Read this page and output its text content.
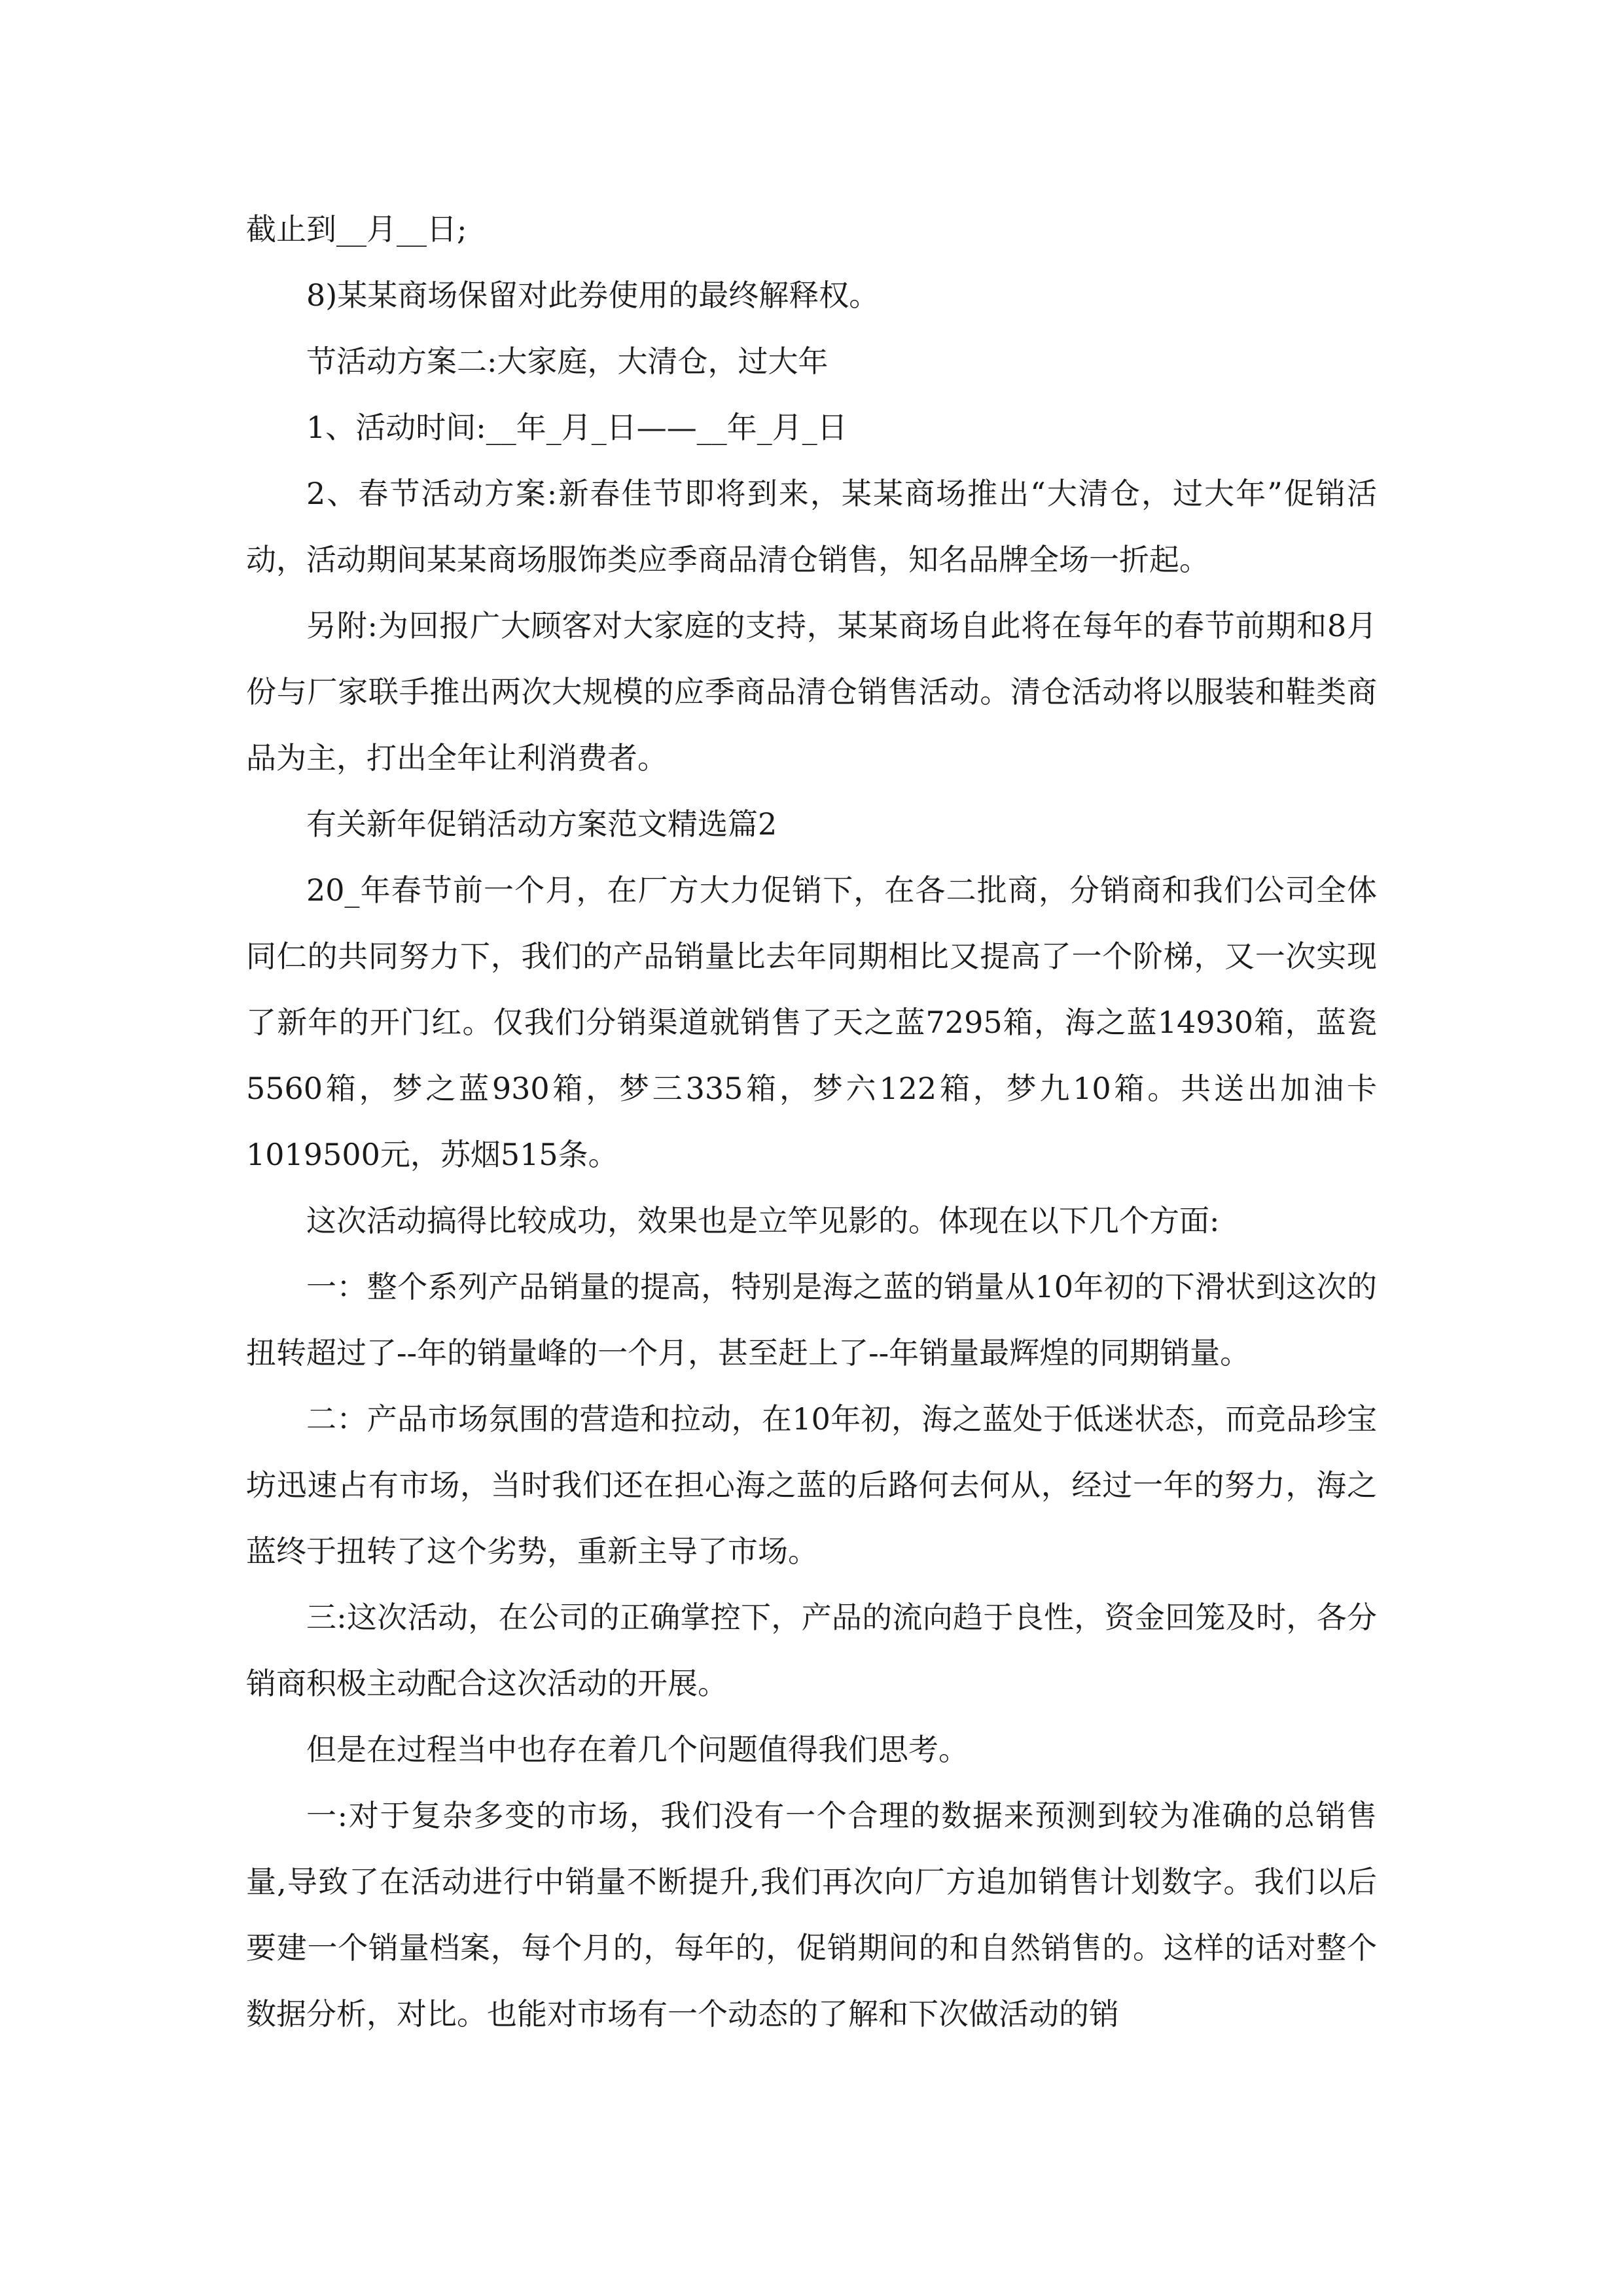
截止到__月__日;

8)某某商场保留对此券使用的最终解释权。

节活动方案二:大家庭，大清仓，过大年

1、活动时间:__年_月_日——__年_月_日

2、春节活动方案:新春佳节即将到来，某某商场推出“大清仓，过大年”促销活动，活动期间某某商场服饰类应季商品清仓销售，知名品牌全场一折起。

另附:为回报广大顾客对大家庭的支持，某某商场自此将在每年的春节前期和8月份与厂家联手推出两次大规模的应季商品清仓销售活动。清仓活动将以服装和鞋类商品为主，打出全年让利消费者。

有关新年促销活动方案范文精选篇2

20_年春节前一个月，在厂方大力促销下，在各二批商，分销商和我们公司全体同仁的共同努力下，我们的产品销量比去年同期相比又提高了一个阶梯，又一次实现了新年的开门红。仅我们分销渠道就销售了天之蓝7295箱，海之蓝14930箱，蓝瓷5560箱，梦之蓝930箱，梦三335箱，梦六122箱，梦九10箱。共送出加油卡1019500元，苏烟515条。

这次活动搞得比较成功，效果也是立竿见影的。体现在以下几个方面:

一：整个系列产品销量的提高，特别是海之蓝的销量从10年初的下滑状到这次的扭转超过了--年的销量峰的一个月，甚至赶上了--年销量最辉煌的同期销量。

二：产品市场氛围的营造和拉动，在10年初，海之蓝处于低迷状态，而竞品珍宝坊迅速占有市场，当时我们还在担心海之蓝的后路何去何从，经过一年的努力，海之蓝终于扭转了这个劣势，重新主导了市场。

三:这次活动，在公司的正确掌控下，产品的流向趋于良性，资金回笼及时，各分销商积极主动配合这次活动的开展。

但是在过程当中也存在着几个问题值得我们思考。

一:对于复杂多变的市场，我们没有一个合理的数据来预测到较为准确的总销售量,导致了在活动进行中销量不断提升,我们再次向厂方追加销售计划数字。我们以后要建一个销量档案，每个月的，每年的，促销期间的和自然销售的。这样的话对整个数据分析，对比。也能对市场有一个动态的了解和下次做活动的销
